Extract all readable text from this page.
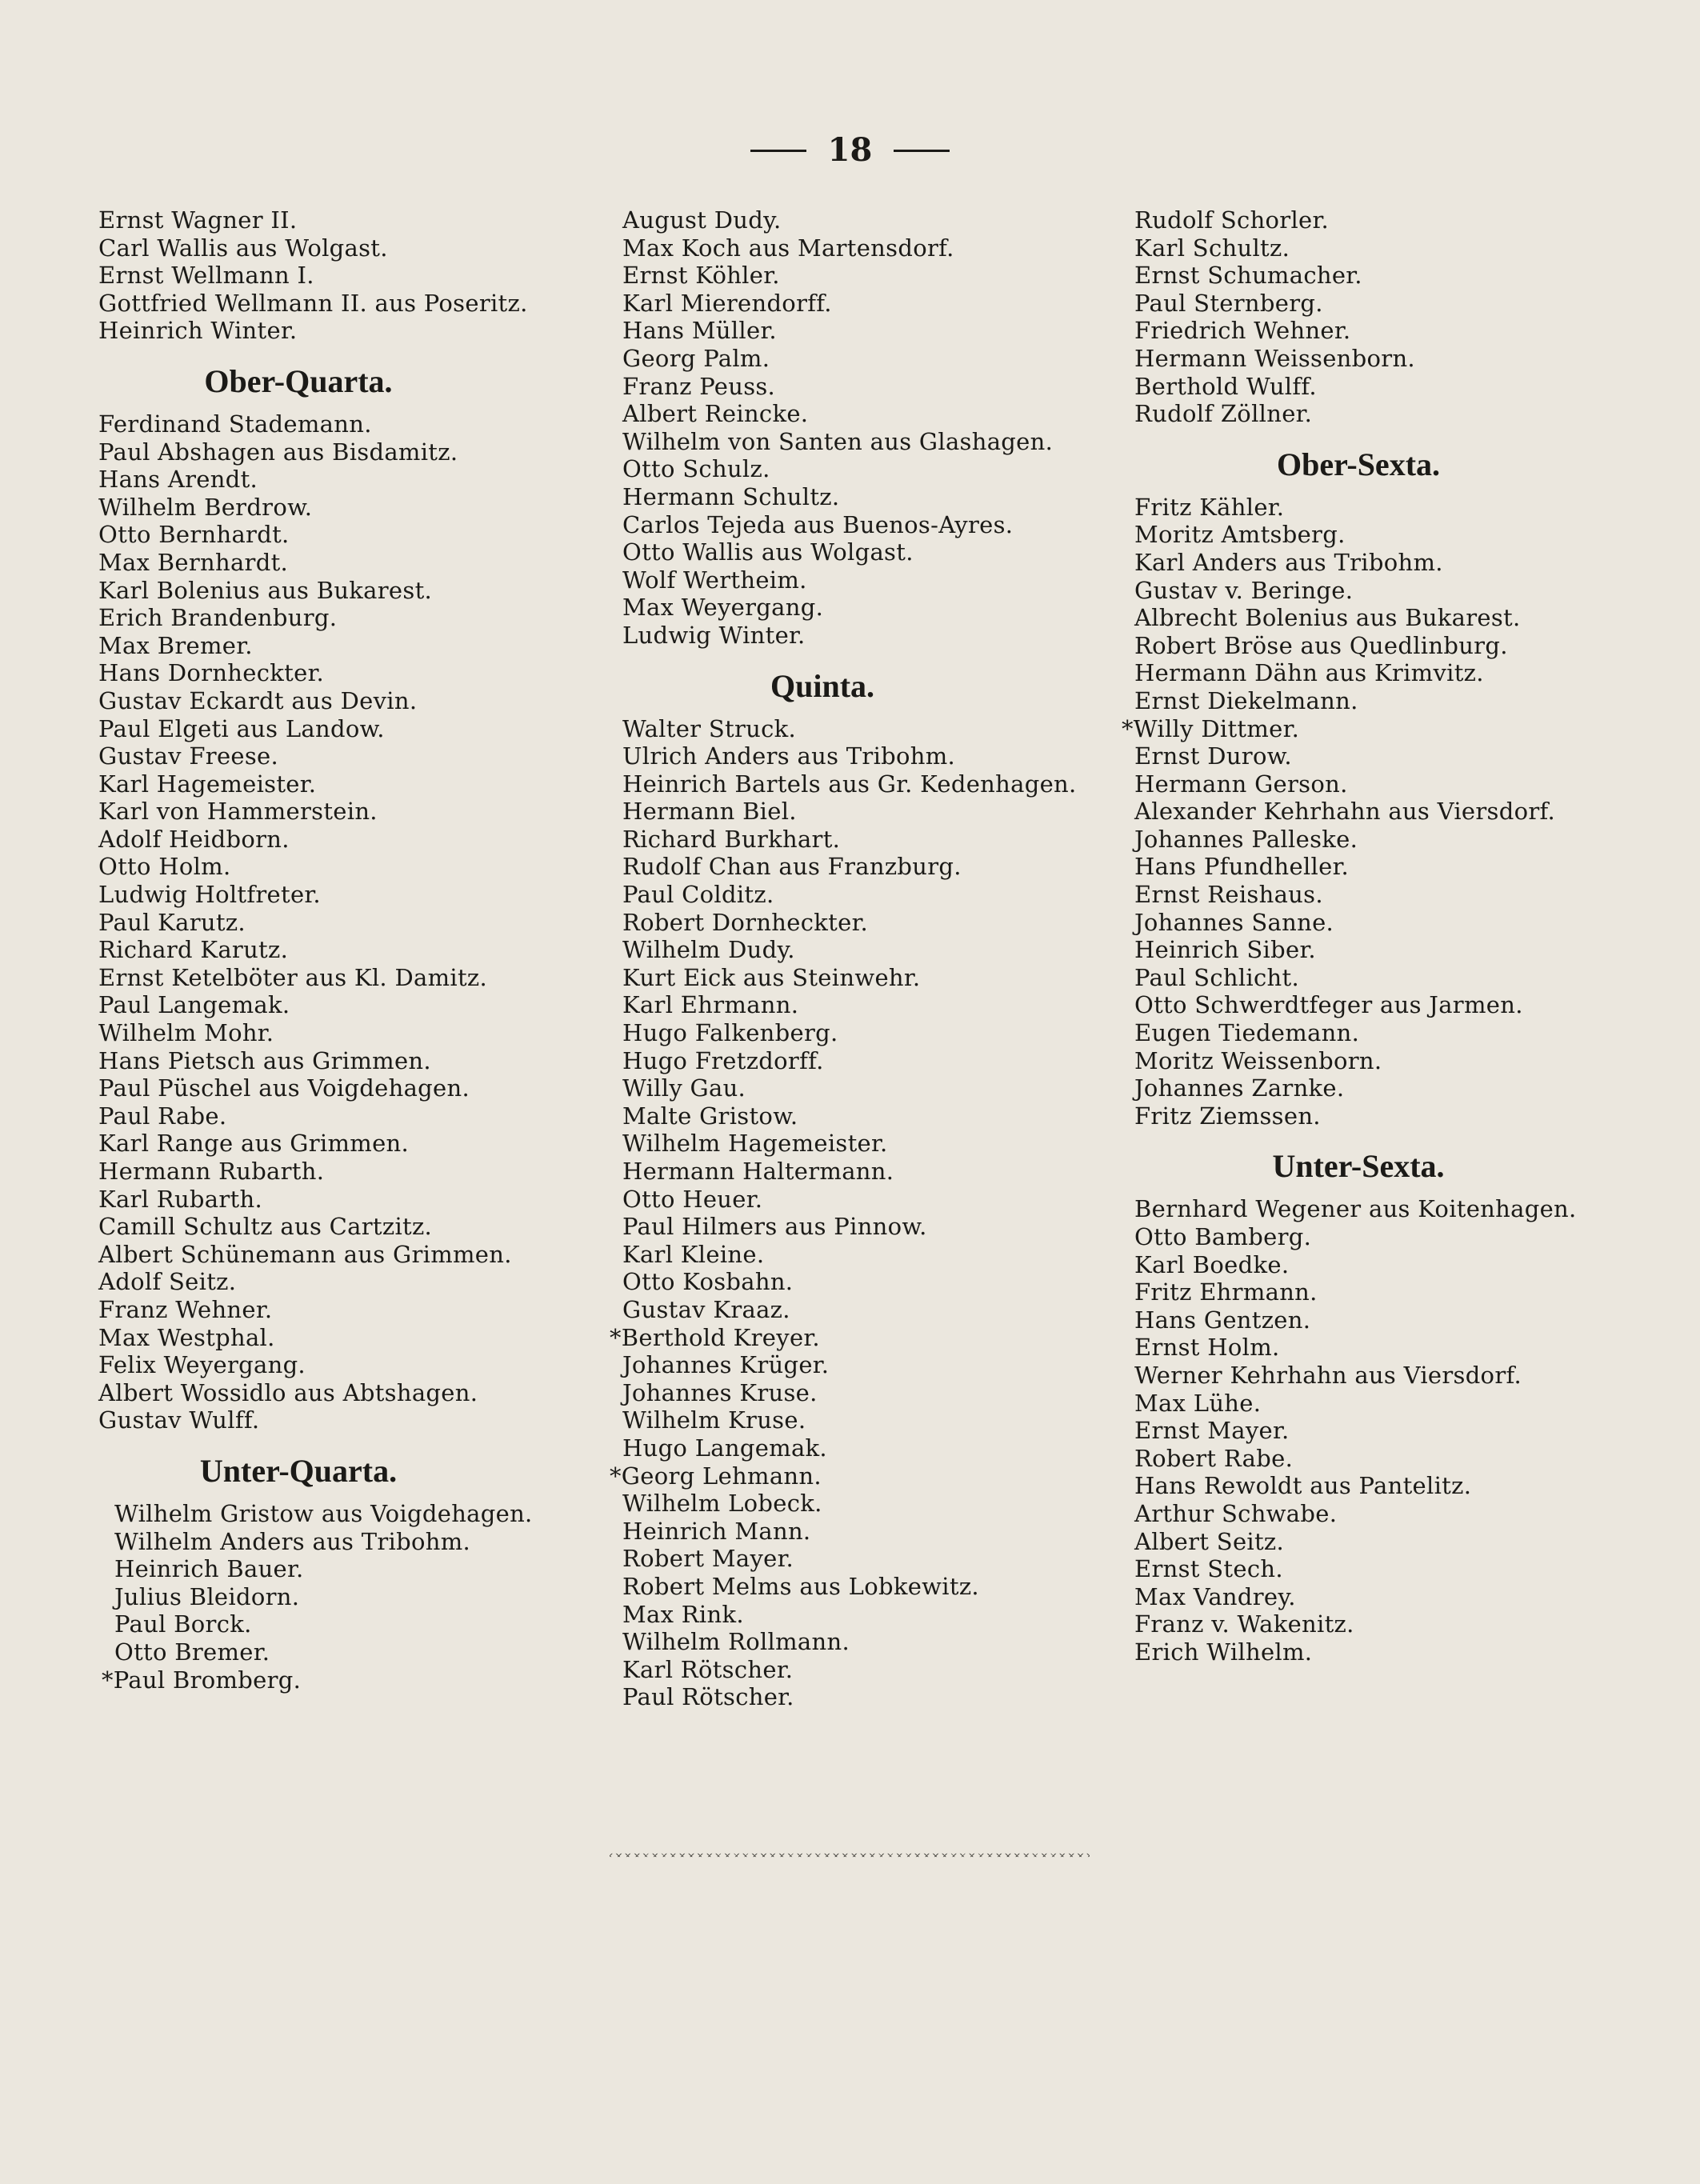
18
Ernst Wagner II.
Carl Wallis aus Wolgast.
Ernst Wellmann I.
Gottfried Wellmann II. aus Poseritz.
Heinrich Winter.
Ober-Quarta.
Ferdinand Stademann.
Paul Abshagen aus Bisdamitz.
Hans Arendt.
Wilhelm Berdrow.
Otto Bernhardt.
Max Bernhardt.
Karl Bolenius aus Bukarest.
Erich Brandenburg.
Max Bremer.
Hans Dornheckter.
Gustav Eckardt aus Devin.
Paul Elgeti aus Landow.
Gustav Freese.
Karl Hagemeister.
Karl von Hammerstein.
Adolf Heidborn.
Otto Holm.
Ludwig Holtfreter.
Paul Karutz.
Richard Karutz.
Ernst Ketelböter aus Kl. Damitz.
Paul Langemak.
Wilhelm Mohr.
Hans Pietsch aus Grimmen.
Paul Püschel aus Voigdehagen.
Paul Rabe.
Karl Range aus Grimmen.
Hermann Rubarth.
Karl Rubarth.
Camill Schultz aus Cartzitz.
Albert Schünemann aus Grimmen.
Adolf Seitz.
Franz Wehner.
Max Westphal.
Felix Weyergang.
Albert Wossidlo aus Abtshagen.
Gustav Wulff.
Unter-Quarta.
Wilhelm Gristow aus Voigdehagen.
Wilhelm Anders aus Tribohm.
Heinrich Bauer.
Julius Bleidorn.
Paul Borck.
Otto Bremer.
*Paul Bromberg.
August Dudy.
Max Koch aus Martensdorf.
Ernst Köhler.
Karl Mierendorff.
Hans Müller.
Georg Palm.
Franz Peuss.
Albert Reincke.
Wilhelm von Santen aus Glashagen.
Otto Schulz.
Hermann Schultz.
Carlos Tejeda aus Buenos-Ayres.
Otto Wallis aus Wolgast.
Wolf Wertheim.
Max Weyergang.
Ludwig Winter.
Quinta.
Walter Struck.
Ulrich Anders aus Tribohm.
Heinrich Bartels aus Gr. Kedenhagen.
Hermann Biel.
Richard Burkhart.
Rudolf Chan aus Franzburg.
Paul Colditz.
Robert Dornheckter.
Wilhelm Dudy.
Kurt Eick aus Steinwehr.
Karl Ehrmann.
Hugo Falkenberg.
Hugo Fretzdorff.
Willy Gau.
Malte Gristow.
Wilhelm Hagemeister.
Hermann Haltermann.
Otto Heuer.
Paul Hilmers aus Pinnow.
Karl Kleine.
Otto Kosbahn.
Gustav Kraaz.
*Berthold Kreyer.
Johannes Krüger.
Johannes Kruse.
Wilhelm Kruse.
Hugo Langemak.
*Georg Lehmann.
Wilhelm Lobeck.
Heinrich Mann.
Robert Mayer.
Robert Melms aus Lobkewitz.
Max Rink.
Wilhelm Rollmann.
Karl Rötscher.
Paul Rötscher.
Rudolf Schorler.
Karl Schultz.
Ernst Schumacher.
Paul Sternberg.
Friedrich Wehner.
Hermann Weissenborn.
Berthold Wulff.
Rudolf Zöllner.
Ober-Sexta.
Fritz Kähler.
Moritz Amtsberg.
Karl Anders aus Tribohm.
Gustav v. Beringe.
Albrecht Bolenius aus Bukarest.
Robert Bröse aus Quedlinburg.
Hermann Dähn aus Krimvitz.
Ernst Diekelmann.
*Willy Dittmer.
Ernst Durow.
Hermann Gerson.
Alexander Kehrhahn aus Viersdorf.
Johannes Palleske.
Hans Pfundheller.
Ernst Reishaus.
Johannes Sanne.
Heinrich Siber.
Paul Schlicht.
Otto Schwerdtfeger aus Jarmen.
Eugen Tiedemann.
Moritz Weissenborn.
Johannes Zarnke.
Fritz Ziemssen.
Unter-Sexta.
Bernhard Wegener aus Koitenhagen.
Otto Bamberg.
Karl Boedke.
Fritz Ehrmann.
Hans Gentzen.
Ernst Holm.
Werner Kehrhahn aus Viersdorf.
Max Lühe.
Ernst Mayer.
Robert Rabe.
Hans Rewoldt aus Pantelitz.
Arthur Schwabe.
Albert Seitz.
Ernst Stech.
Max Vandrey.
Franz v. Wakenitz.
Erich Wilhelm.
